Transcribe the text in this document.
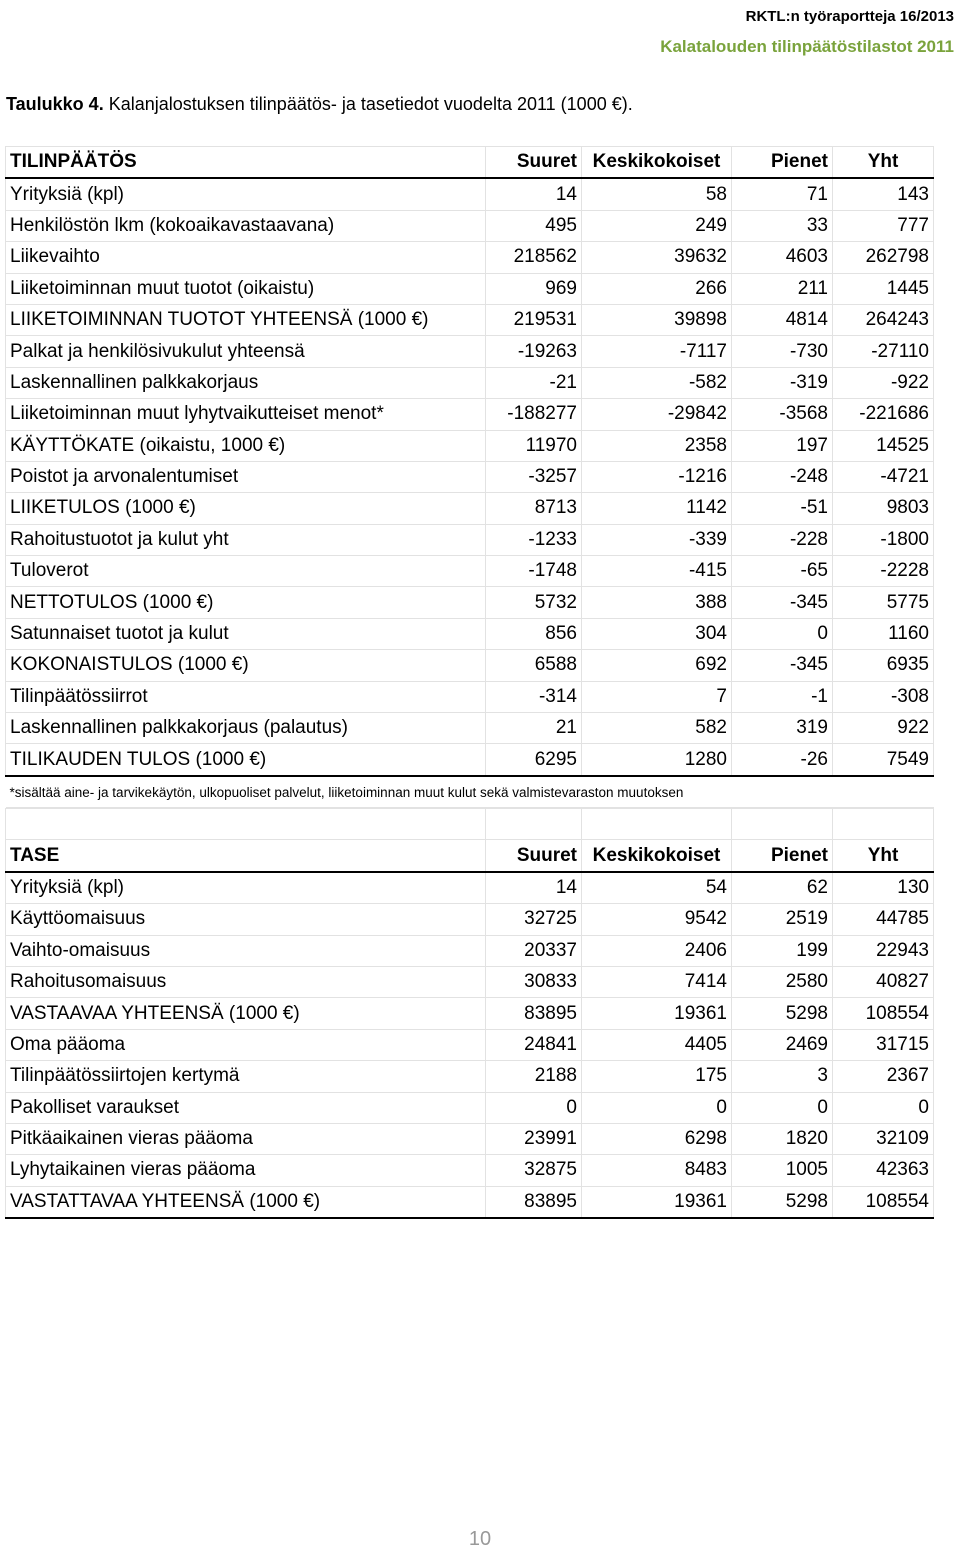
RKTL:n työraportteja 16/2013
Kalatalouden tilinpäätöstilastot 2011
Taulukko 4. Kalanjalostuksen tilinpäätös- ja tasetiedot vuodelta 2011 (1000 €).
TILINPÄÄTÖS	Suuret	Keskikokoiset	Pienet	Yht
Yrityksiä (kpl)	14	58	71	143
Henkilöstön lkm (kokoaikavastaavana)	495	249	33	777
Liikevaihto	218562	39632	4603	262798
Liiketoiminnan muut tuotot (oikaistu)	969	266	211	1445
LIIKETOIMINNAN TUOTOT YHTEENSÄ (1000 €)	219531	39898	4814	264243
Palkat ja henkilösivukulut yhteensä	-19263	-7117	-730	-27110
Laskennallinen palkkakorjaus	-21	-582	-319	-922
Liiketoiminnan muut lyhytvaikutteiset menot*	-188277	-29842	-3568	-221686
KÄYTTÖKATE (oikaistu, 1000 €)	11970	2358	197	14525
Poistot ja arvonalentumiset	-3257	-1216	-248	-4721
LIIKETULOS (1000 €)	8713	1142	-51	9803
Rahoitustuotot ja kulut yht	-1233	-339	-228	-1800
Tuloverot	-1748	-415	-65	-2228
NETTOTULOS (1000 €)	5732	388	-345	5775
Satunnaiset tuotot ja kulut	856	304	0	1160
KOKONAISTULOS (1000 €)	6588	692	-345	6935
Tilinpäätössiirrot	-314	7	-1	-308
Laskennallinen palkkakorjaus (palautus)	21	582	319	922
TILIKAUDEN TULOS (1000 €)	6295	1280	-26	7549
*sisältää aine- ja tarvikekäytön, ulkopuoliset palvelut, liiketoiminnan muut kulut sekä valmistevaraston muutoksen				

TASE	Suuret	Keskikokoiset	Pienet	Yht
Yrityksiä (kpl)	14	54	62	130
Käyttöomaisuus	32725	9542	2519	44785
Vaihto-omaisuus	20337	2406	199	22943
Rahoitusomaisuus	30833	7414	2580	40827
VASTAAVAA YHTEENSÄ (1000 €)	83895	19361	5298	108554
Oma pääoma	24841	4405	2469	31715
Tilinpäätössiirtojen kertymä	2188	175	3	2367
Pakolliset varaukset	0	0	0	0
Pitkäaikainen vieras pääoma	23991	6298	1820	32109
Lyhytaikainen vieras pääoma	32875	8483	1005	42363
VASTATTAVAA YHTEENSÄ (1000 €)	83895	19361	5298	108554
10
